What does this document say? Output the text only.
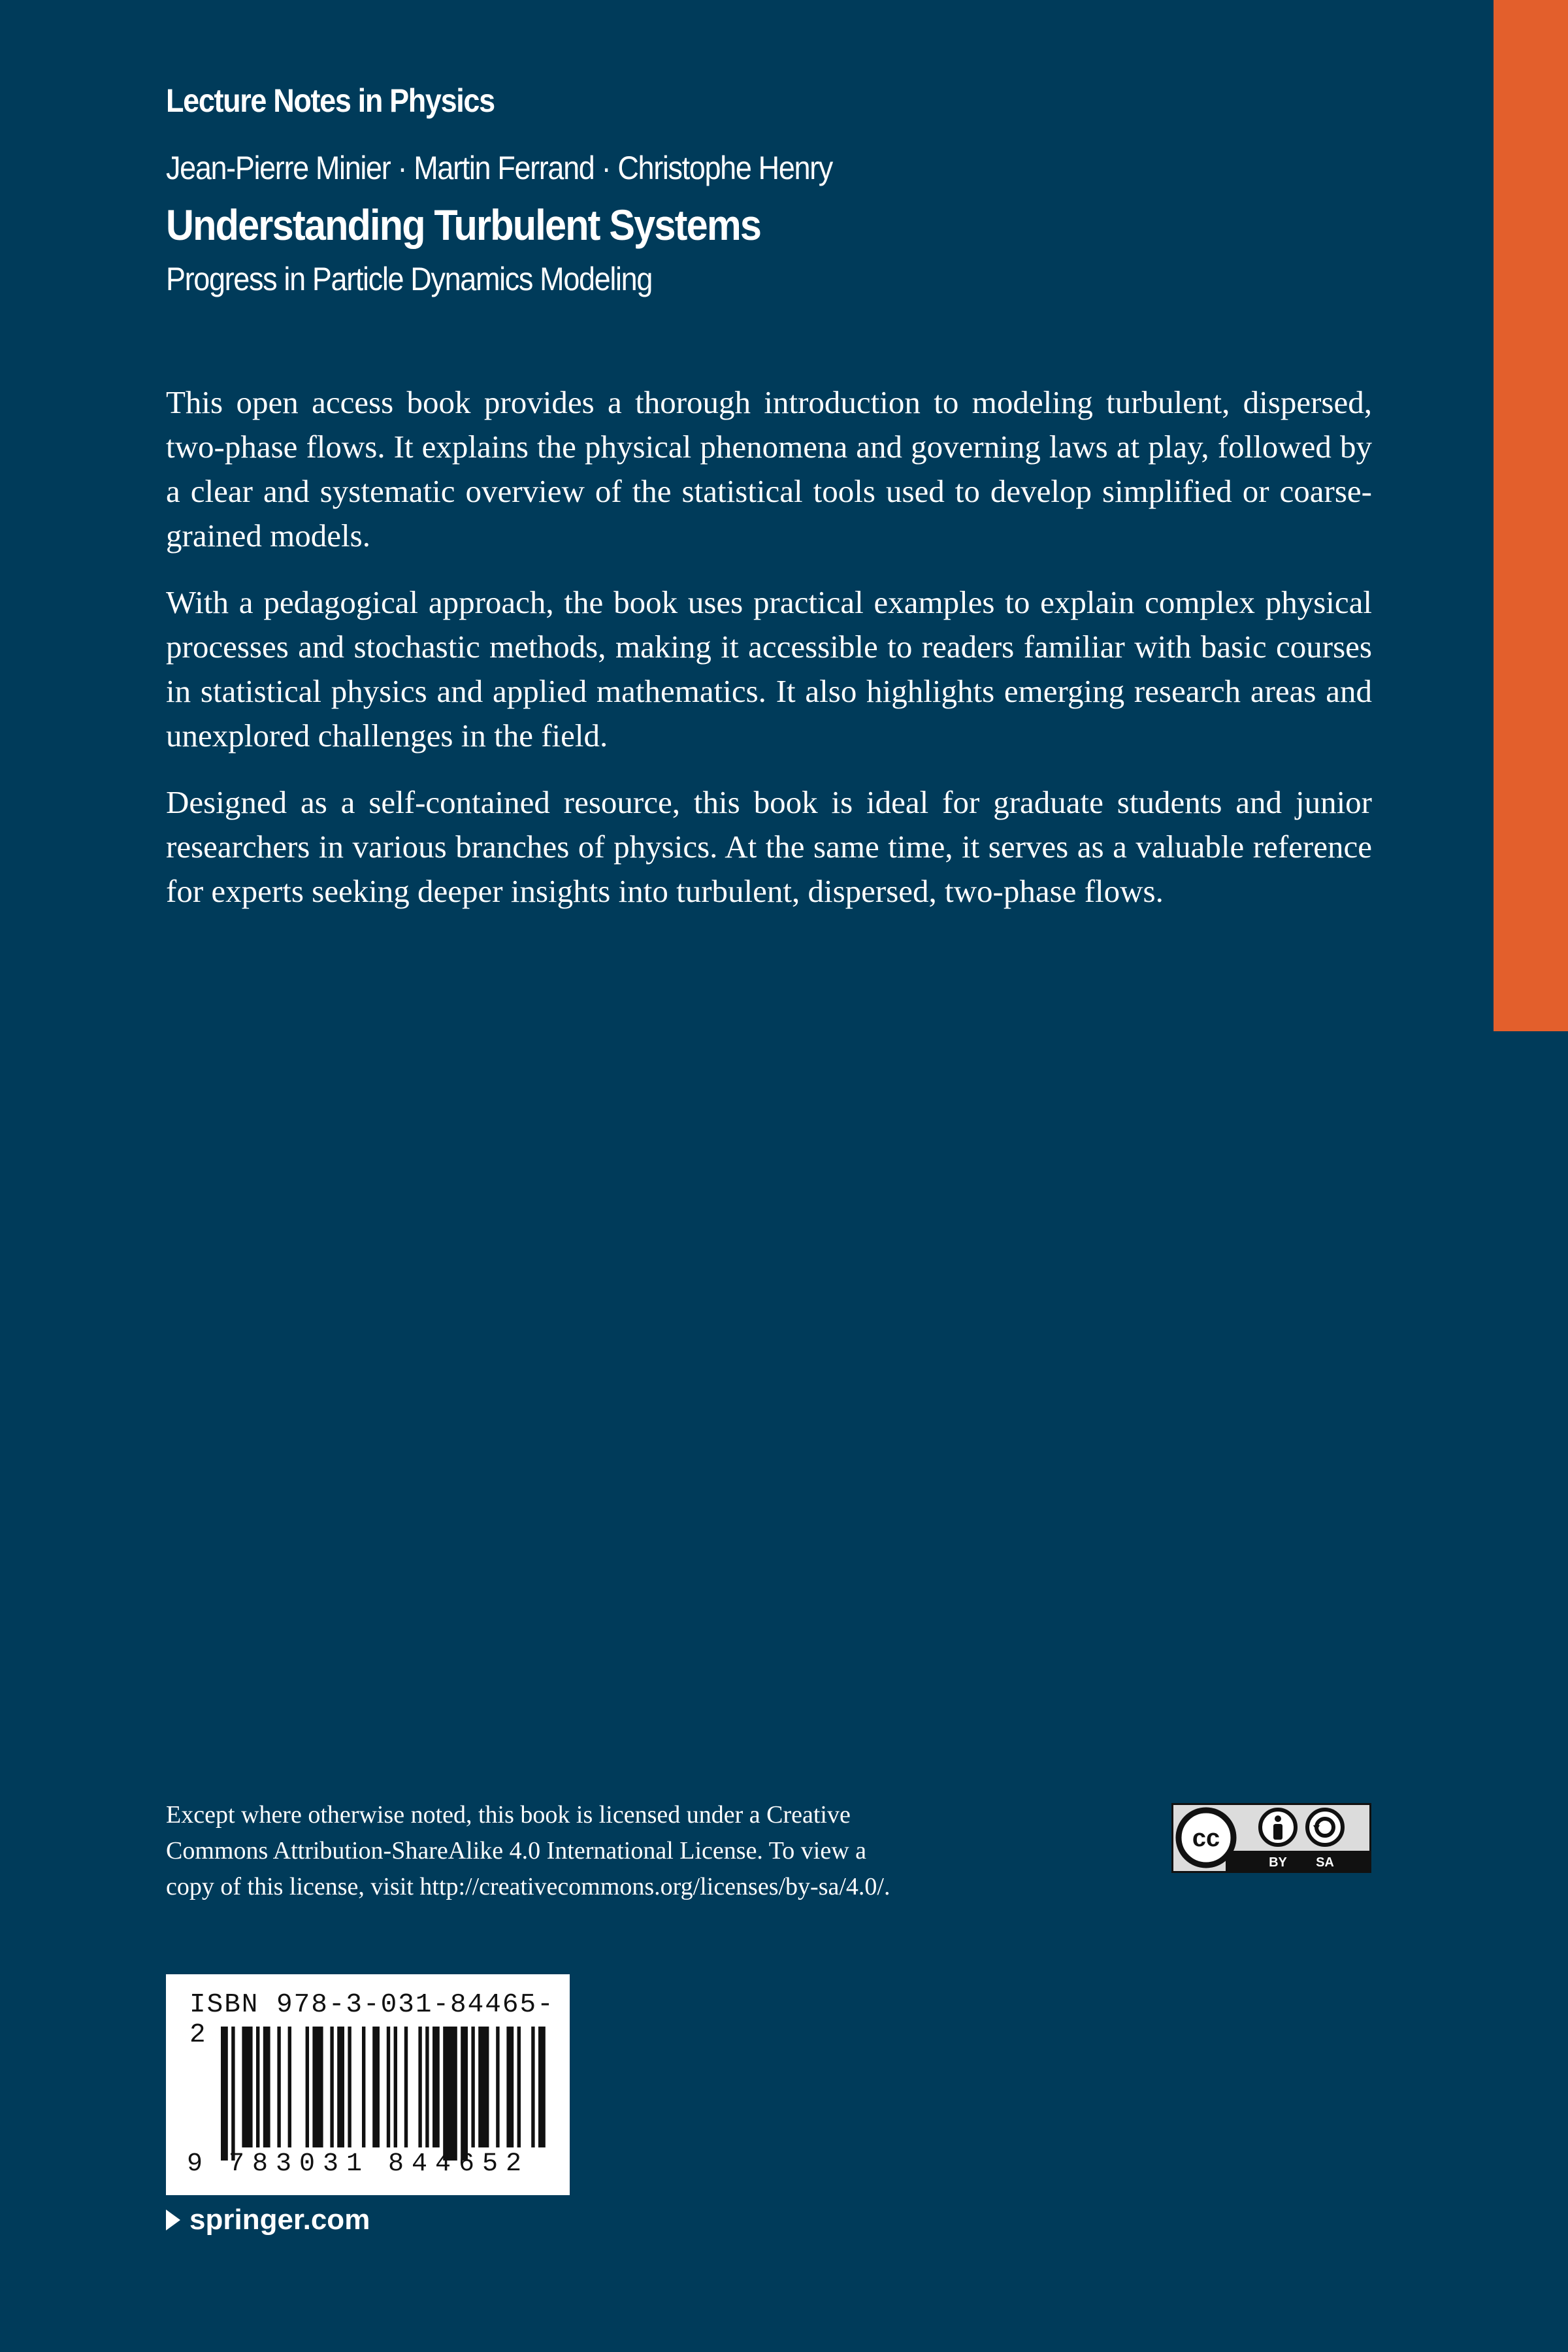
Lecture Notes in Physics
Jean-Pierre Minier · Martin Ferrand · Christophe Henry
Understanding Turbulent Systems
Progress in Particle Dynamics Modeling

This open access book provides a thorough introduction to modeling turbulent, dispersed, two-phase flows. It explains the physical phenomena and governing laws at play, followed by a clear and systematic overview of the statistical tools used to develop simplified or coarse-grained models.

With a pedagogical approach, the book uses practical examples to explain complex physical processes and stochastic methods, making it accessible to readers familiar with basic courses in statistical physics and applied mathematics. It also highlights emerging research areas and unexplored challenges in the field.

Designed as a self-contained resource, this book is ideal for graduate students and junior researchers in various branches of physics. At the same time, it serves as a valuable reference for experts seeking deeper insights into turbulent, dispersed, two-phase flows.

Except where otherwise noted, this book is licensed under a Creative
Commons Attribution-ShareAlike 4.0 International License. To view a
copy of this license, visit http://creativecommons.org/licenses/by-sa/4.0/.
cc
BY SA
ISBN 978-3-031-84465-2
9 783031 844652
springer.com
